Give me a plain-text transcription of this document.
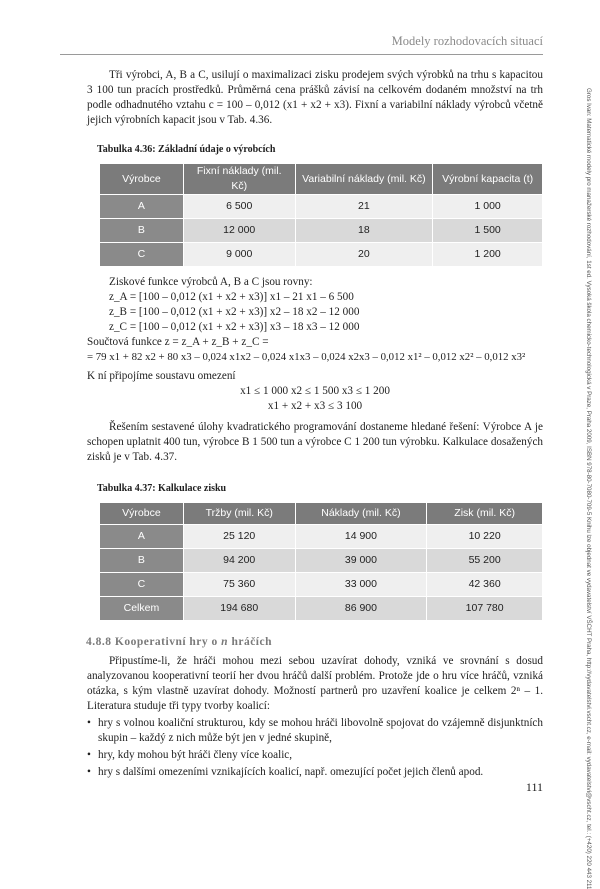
Modely rozhodovacích situací

Tři výrobci, A, B a C, usilují o maximalizaci zisku prodejem svých výrobků na trhu s kapacitou 3 100 tun pracích prostředků. Průměrná cena prášků závisí na celkovém dodaném množství na trh podle odhadnutého vztahu c = 100 – 0,012 (x1 + x2 + x3). Fixní a variabilní náklady výrobců včetně jejich výrobních kapacit jsou v Tab. 4.36.

Tabulka 4.36: Základní údaje o výrobcích
Výrobce	Fixní náklady (mil. Kč)	Variabilní náklady (mil. Kč)	Výrobní kapacita (t)
A	6 500	21	1 000
B	12 000	18	1 500
C	9 000	20	1 200

Ziskové funkce výrobců A, B a C jsou rovny:

z_A = [100 – 0,012 (x1 + x2 + x3)] x1 – 21 x1 – 6 500

z_B = [100 – 0,012 (x1 + x2 + x3)] x2 – 18 x2 – 12 000

z_C = [100 – 0,012 (x1 + x2 + x3)] x3 – 18 x3 – 12 000

Součtová funkce z = z_A + z_B + z_C =

= 79 x1 + 82 x2 + 80 x3 – 0,024 x1x2 – 0,024 x1x3 – 0,024 x2x3 – 0,012 x1² – 0,012 x2² – 0,012 x3²

K ní připojíme soustavu omezení

x1 ≤ 1 000 x2 ≤ 1 500 x3 ≤ 1 200

x1 + x2 + x3 ≤ 3 100

Řešením sestavené úlohy kvadratického programování dostaneme hledané řešení: Výrobce A je schopen uplatnit 400 tun, výrobce B 1 500 tun a výrobce C 1 200 tun výrobku. Kalkulace dosažených zisků je v Tab. 4.37.

Tabulka 4.37: Kalkulace zisku
Výrobce	Tržby (mil. Kč)	Náklady (mil. Kč)	Zisk (mil. Kč)
A	25 120	14 900	10 220
B	94 200	39 000	55 200
C	75 360	33 000	42 360
Celkem	194 680	86 900	107 780
4.8.8 Kooperativní hry o n hráčích

Připustíme-li, že hráči mohou mezi sebou uzavírat dohody, vzniká ve srovnání s dosud analyzovanou kooperativní teorií her dvou hráčů další problém. Protože jde o hru více hráčů, vzniká otázka, s kým vlastně uzavírat dohody. Možností partnerů pro uzavření koalice je celkem 2ⁿ – 1. Literatura studuje tři typy tvorby koalicí:

• hry s volnou koaliční strukturou, kdy se mohou hráči libovolně spojovat do vzájemně disjunktních skupin – každý z nich může být jen v jedné skupině,
• hry, kdy mohou být hráči členy více koalic,
• hry s dalšími omezeními vznikajících koalicí, např. omezující počet jejich členů apod.	Gros Ivan: Matematické modely pro manažerské rozhodování, 1st ed. Vysoká škola chemicko-technologická v Praze, Praha 2009, ISBN 978-80-7080-709-5 Knihu lze objednat ve vydavatelství VŠCHT Praha, http://vydavatelstvi.vscht.cz, e-mail: vydavatelstvi@vscht.cz, tel.: (+420) 220 443 211
111
